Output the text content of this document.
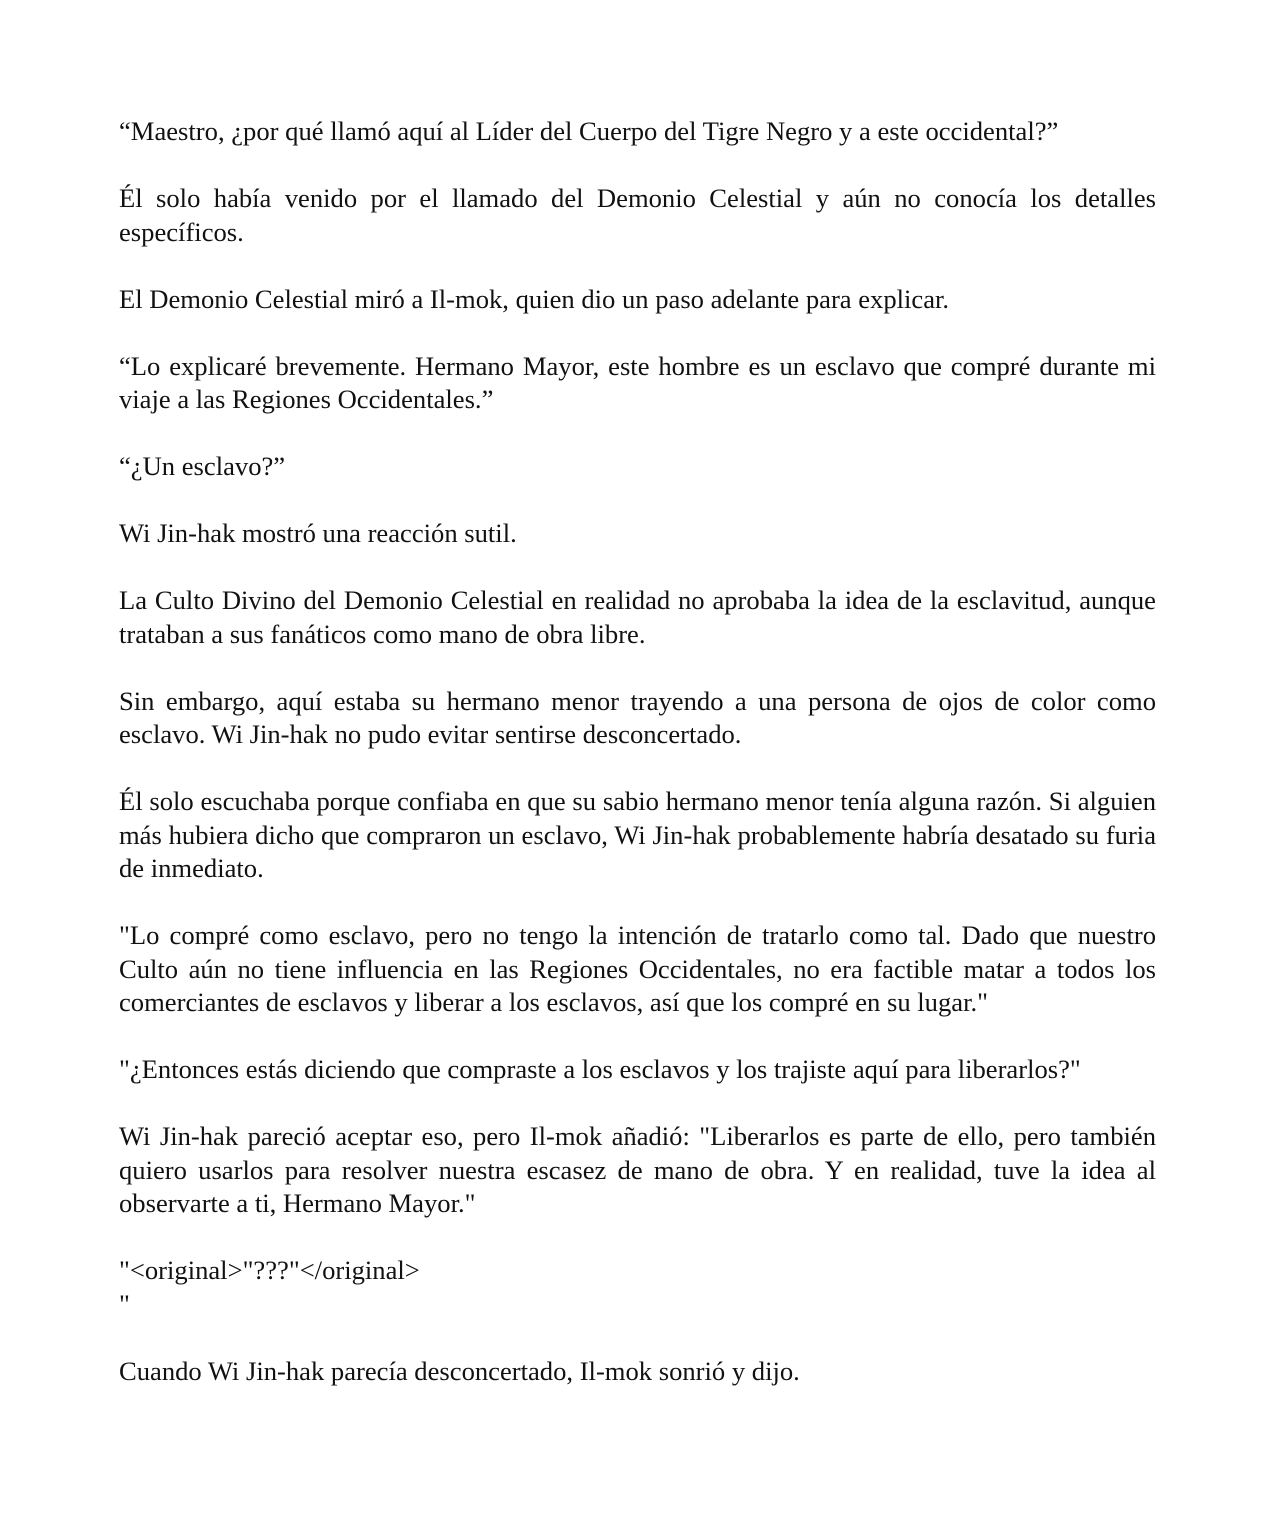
“Maestro, ¿por qué llamó aquí al Líder del Cuerpo del Tigre Negro y a este occidental?”

Él solo había venido por el llamado del Demonio Celestial y aún no conocía los detalles específicos.

El Demonio Celestial miró a Il-mok, quien dio un paso adelante para explicar.

“Lo explicaré brevemente. Hermano Mayor, este hombre es un esclavo que compré durante mi viaje a las Regiones Occidentales.”

“¿Un esclavo?”

Wi Jin-hak mostró una reacción sutil.

La Culto Divino del Demonio Celestial en realidad no aprobaba la idea de la esclavitud, aunque trataban a sus fanáticos como mano de obra libre.

Sin embargo, aquí estaba su hermano menor trayendo a una persona de ojos de color como esclavo. Wi Jin-hak no pudo evitar sentirse desconcertado.

Él solo escuchaba porque confiaba en que su sabio hermano menor tenía alguna razón. Si alguien más hubiera dicho que compraron un esclavo, Wi Jin-hak probablemente habría desatado su furia de inmediato.

"Lo compré como esclavo, pero no tengo la intención de tratarlo como tal. Dado que nuestro Culto aún no tiene influencia en las Regiones Occidentales, no era factible matar a todos los comerciantes de esclavos y liberar a los esclavos, así que los compré en su lugar."

"¿Entonces estás diciendo que compraste a los esclavos y los trajiste aquí para liberarlos?"

Wi Jin-hak pareció aceptar eso, pero Il-mok añadió: "Liberarlos es parte de ello, pero también quiero usarlos para resolver nuestra escasez de mano de obra. Y en realidad, tuve la idea al observarte a ti, Hermano Mayor."

"<original>"???"</original>

"

Cuando Wi Jin-hak parecía desconcertado, Il-mok sonrió y dijo.
